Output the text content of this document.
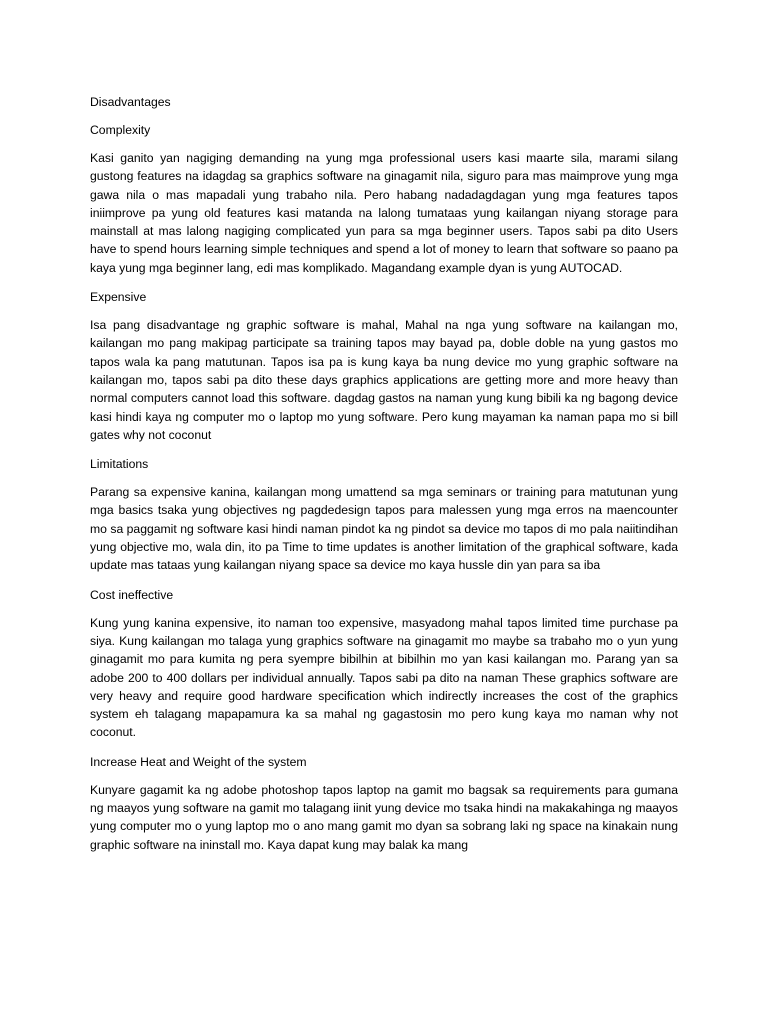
Disadvantages
Complexity
Kasi ganito yan nagiging demanding na yung mga professional users kasi maarte sila, marami silang gustong features na idagdag sa graphics software na ginagamit nila, siguro para mas maimprove yung mga gawa nila o mas mapadali yung trabaho nila. Pero habang nadadagdagan yung mga features tapos iniimprove pa yung old features kasi matanda na lalong tumataas yung kailangan niyang storage para mainstall at mas lalong nagiging complicated yun para sa mga beginner users. Tapos sabi pa dito Users have to spend hours learning simple techniques and spend a lot of money to learn that software so paano pa kaya yung mga beginner lang, edi mas komplikado. Magandang example dyan is yung AUTOCAD.
Expensive
Isa pang disadvantage ng graphic software is mahal, Mahal na nga yung software na kailangan mo, kailangan mo pang makipag participate sa training tapos may bayad pa, doble doble na yung gastos mo tapos wala ka pang matutunan. Tapos isa pa is kung kaya ba nung device mo yung graphic software na kailangan mo, tapos sabi pa dito these days graphics applications are getting more and more heavy than normal computers cannot load this software. dagdag gastos na naman yung kung bibili ka ng bagong device kasi hindi kaya ng computer mo o laptop mo yung software. Pero kung mayaman ka naman papa mo si bill gates why not coconut
Limitations
Parang sa expensive kanina, kailangan mong umattend sa mga seminars or training para matutunan yung mga basics tsaka yung objectives ng pagdedesign tapos para malessen yung mga erros na maencounter mo sa paggamit ng software kasi hindi naman pindot ka ng pindot sa device mo tapos di mo pala naiitindihan yung objective mo, wala din, ito pa Time to time updates is another limitation of the graphical software, kada update mas tataas yung kailangan niyang space sa device mo kaya hussle din yan para sa iba
Cost ineffective
Kung yung kanina expensive, ito naman too expensive, masyadong mahal tapos limited time purchase pa siya. Kung kailangan mo talaga yung graphics software na ginagamit mo maybe sa trabaho mo o yun yung ginagamit mo para kumita ng pera syempre bibilhin at bibilhin mo yan kasi kailangan mo. Parang yan sa adobe 200 to 400 dollars per individual annually. Tapos sabi pa dito na naman These graphics software are very heavy and require good hardware specification which indirectly increases the cost of the graphics system eh talagang mapapamura ka sa mahal ng gagastosin mo pero kung kaya mo naman why not coconut.
Increase Heat and Weight of the system
Kunyare gagamit ka ng adobe photoshop tapos laptop na gamit mo bagsak sa requirements para gumana ng maayos yung software na gamit mo talagang iinit yung device mo tsaka hindi na makakahinga ng maayos yung computer mo o yung laptop mo o ano mang gamit mo dyan sa sobrang laki ng space na kinakain nung graphic software na ininstall mo. Kaya dapat kung may balak ka mang
